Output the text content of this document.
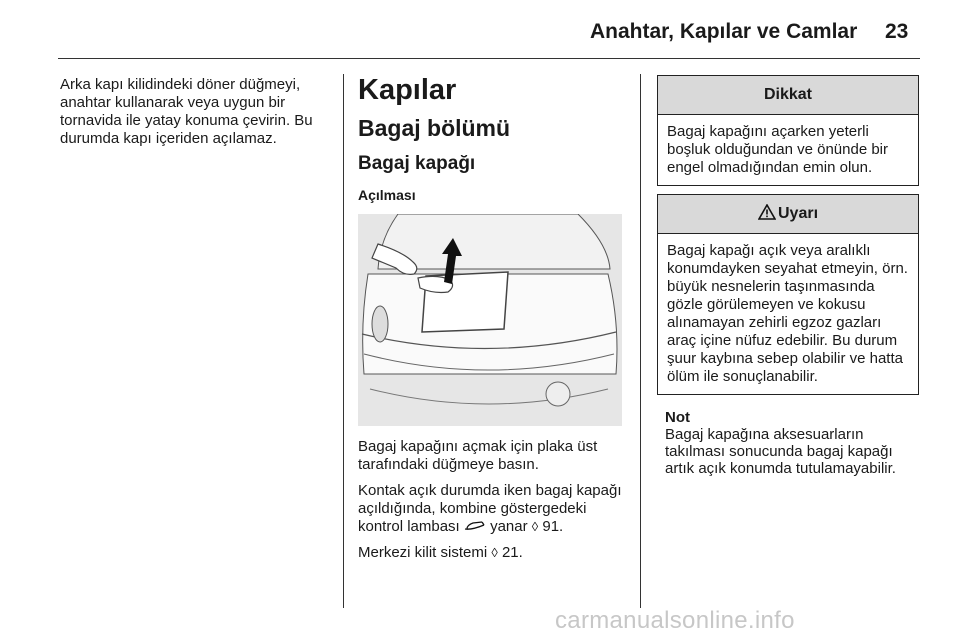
Anahtar, Kapılar ve Camlar 23

Arka kapı kilidindeki döner düğmeyi, anahtar kullanarak veya uygun bir tornavida ile yatay konuma çevirin. Bu durumda kapı içeriden açılamaz.

Kapılar
Bagaj bölümü
Bagaj kapağı
Açılması

Bagaj kapağını açmak için plaka üst tarafındaki düğmeye basın.

Kontak açık durumda iken bagaj kapağı açıldığında, kombine göstergedeki kontrol lambası yanar ◊ 91.

Merkezi kilit sistemi ◊ 21.

Dikkat
Bagaj kapağını açarken yeterli boşluk olduğundan ve önünde bir engel olmadığından emin olun.
Uyarı
Bagaj kapağı açık veya aralıklı konumdayken seyahat etmeyin, örn. büyük nesnelerin taşınmasında gözle görülemeyen ve kokusu alınamayan zehirli egzoz gazları araç içine nüfuz edebilir. Bu durum şuur kaybına sebep olabilir ve hatta ölüm ile sonuçlanabilir.
Not
Bagaj kapağına aksesuarların takılması sonucunda bagaj kapağı artık açık konumda tutulamayabilir.
carmanualsonline.info
